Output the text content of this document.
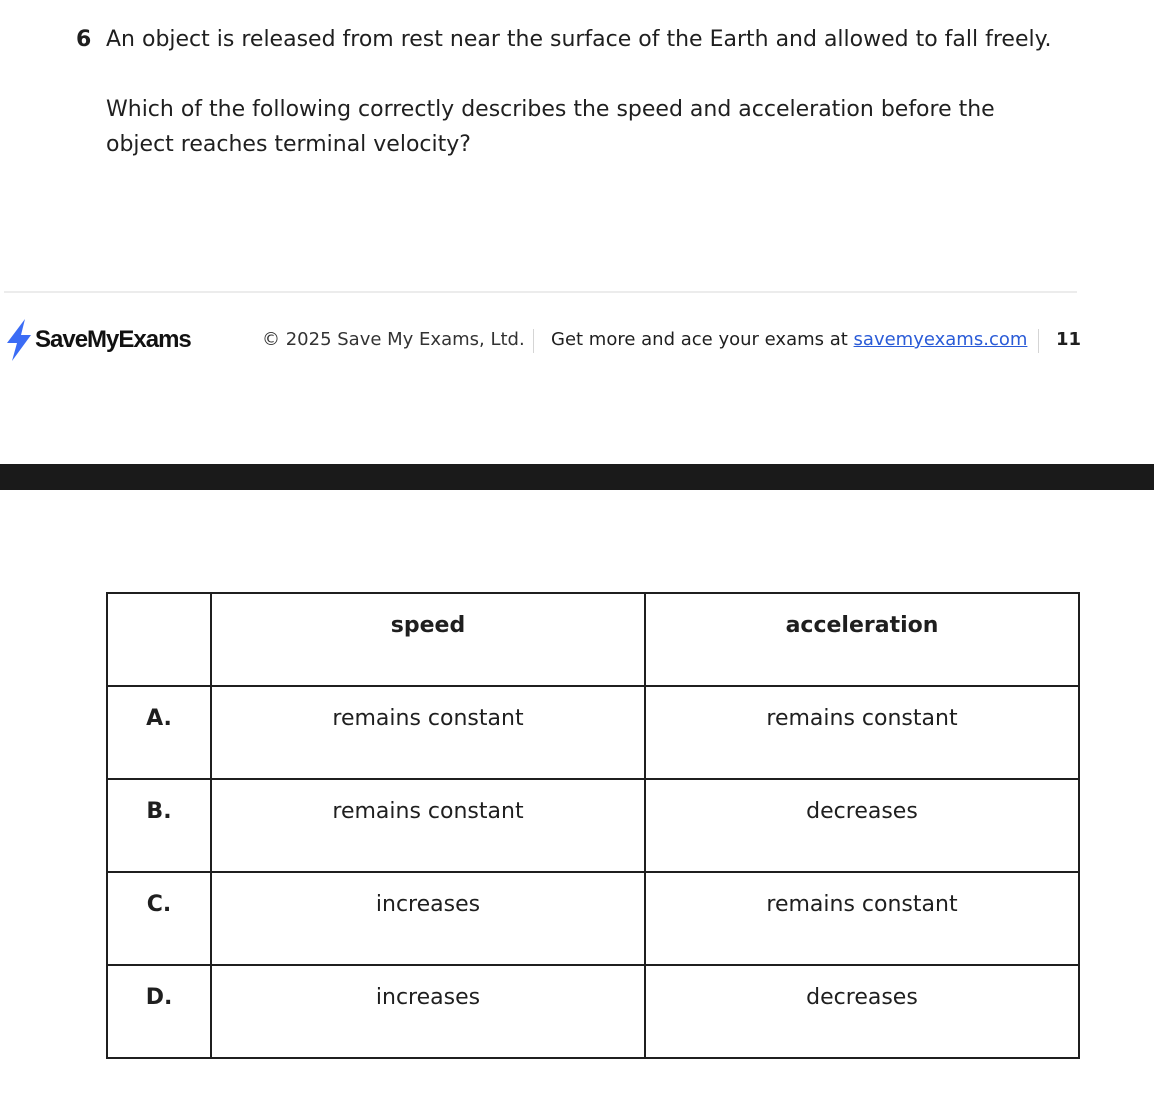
6 An object is released from rest near the surface of the Earth and allowed to fall freely.
Which of the following correctly describes the speed and acceleration before the object reaches terminal velocity?
SaveMyExams	© 2025 Save My Exams, Ltd. Get more and ace your exams at savemyexams.com 11
	speed	acceleration
A.	remains constant	remains constant
B.	remains constant	decreases
C.	increases	remains constant
D.	increases	decreases
